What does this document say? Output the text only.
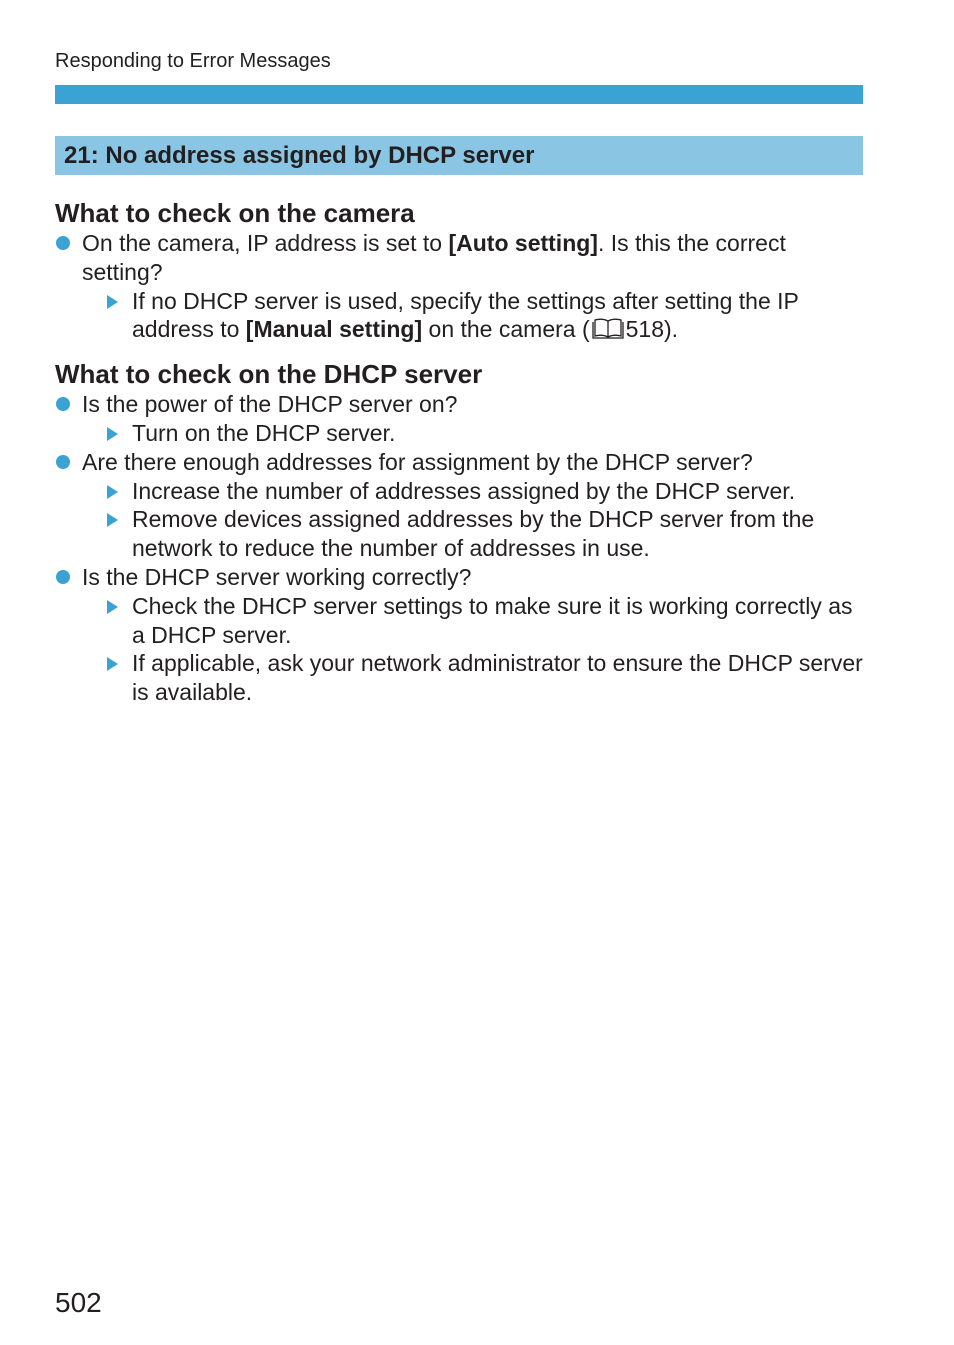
Responding to Error Messages
21: No address assigned by DHCP server
What to check on the camera
On the camera, IP address is set to [Auto setting]. Is this the correct setting?
If no DHCP server is used, specify the settings after setting the IP address to [Manual setting] on the camera ( 518).
What to check on the DHCP server
Is the power of the DHCP server on?
Turn on the DHCP server.
Are there enough addresses for assignment by the DHCP server?
Increase the number of addresses assigned by the DHCP server.
Remove devices assigned addresses by the DHCP server from the network to reduce the number of addresses in use.
Is the DHCP server working correctly?
Check the DHCP server settings to make sure it is working correctly as a DHCP server.
If applicable, ask your network administrator to ensure the DHCP server is available.
502
